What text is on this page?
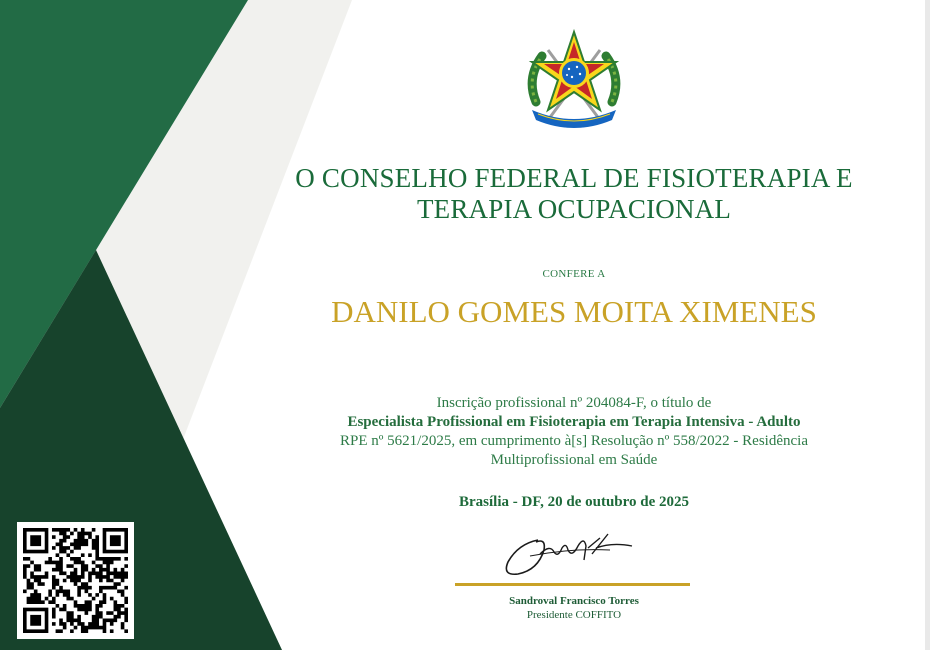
O CONSELHO FEDERAL DE FISIOTERAPIA E
TERAPIA OCUPACIONAL
CONFERE A
DANILO GOMES MOITA XIMENES
Inscrição profissional nº 204084-F, o título de
Especialista Profissional em Fisioterapia em Terapia Intensiva - Adulto
RPE nº 5621/2025, em cumprimento à[s] Resolução nº 558/2022 - Residência
Multiprofissional em Saúde
Brasília - DF, 20 de outubro de 2025
Sandroval Francisco Torres
Presidente COFFITO
